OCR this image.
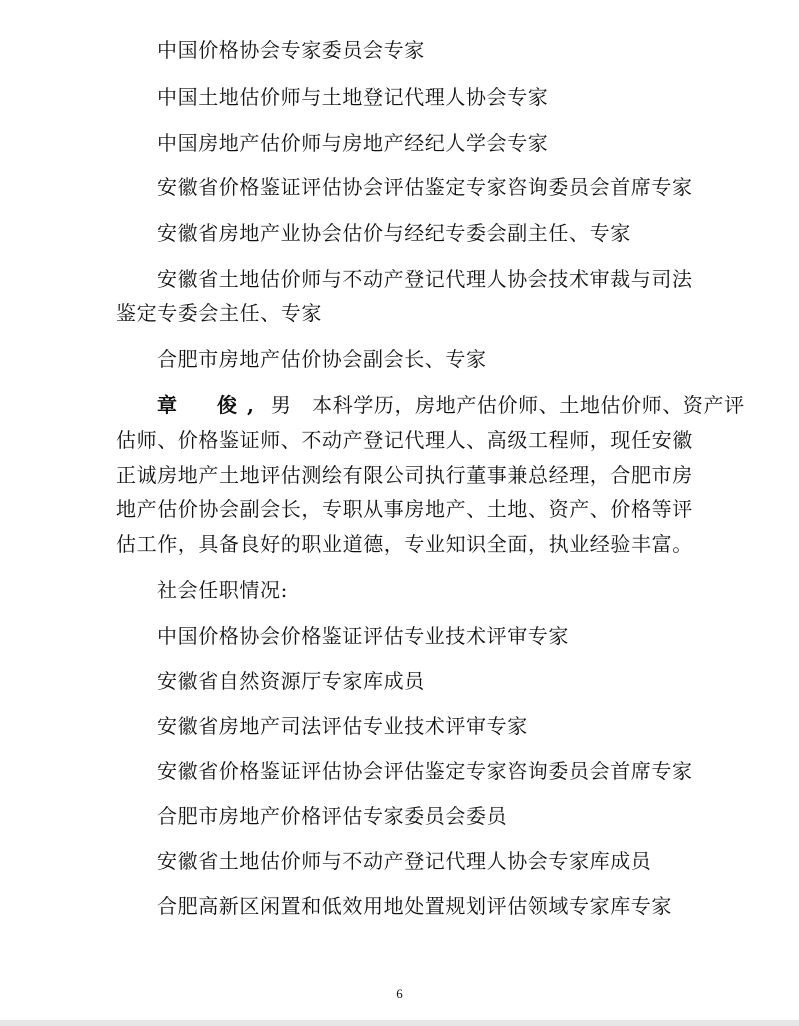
中国价格协会专家委员会专家
中国土地估价师与土地登记代理人协会专家
中国房地产估价师与房地产经纪人学会专家
安徽省价格鉴证评估协会评估鉴定专家咨询委员会首席专家
安徽省房地产业协会估价与经纪专委会副主任、专家
安徽省土地估价师与不动产登记代理人协会技术审裁与司法
鉴定专委会主任、专家
合肥市房地产估价协会副会长、专家
章　俊, 男　本科学历，房地产估价师、土地估价师、资产评
估师、价格鉴证师、不动产登记代理人、高级工程师，现任安徽
正诚房地产土地评估测绘有限公司执行董事兼总经理，合肥市房
地产估价协会副会长，专职从事房地产、土地、资产、价格等评
估工作，具备良好的职业道德，专业知识全面，执业经验丰富。
社会任职情况:
中国价格协会价格鉴证评估专业技术评审专家
安徽省自然资源厅专家库成员
安徽省房地产司法评估专业技术评审专家
安徽省价格鉴证评估协会评估鉴定专家咨询委员会首席专家
合肥市房地产价格评估专家委员会委员
安徽省土地估价师与不动产登记代理人协会专家库成员
合肥高新区闲置和低效用地处置规划评估领域专家库专家
6
